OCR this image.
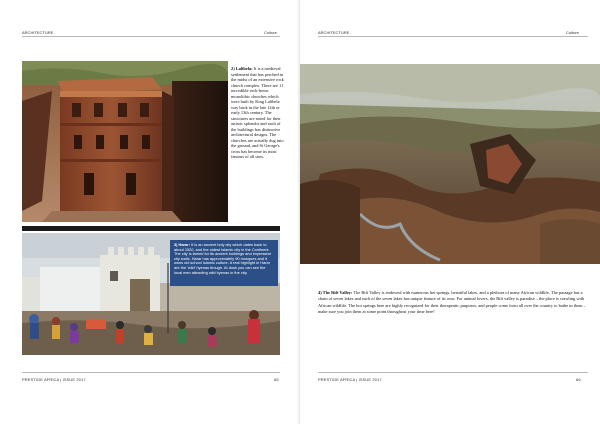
ARCHITECTURE	Culture
2) Lalibela: It is a medieval settlement that has perched in the midst of an extensive rock church complex. There are 11 incredible rock-hewn monolithic churches which were built by King Lalibela way back in the late 12th or early 13th century. The structures are noted for their artistic splendor and each of the buildings has distinctive architectural designs. The churches are actually dug into the ground, and St George's cross has become its most famous of all sites.
3) Harar: It is an ancient holy city which dates back to about 1520, and the oldest Islamic city in the Continent. The city is famed for its ancient buildings and impressive city walls. Harar has approximately 90 mosques and it owns old school Islamic culture. A real highlight in Harar are the 'wild' hyenas though. At dusk you can see the local men attracting wild hyenas in the city.
PRESTIGE AFRICA | ISSUE 2017	65
ARCHITECTURE	Culture
4) The Rift Valley: The Rift Valley is endowed with numerous hot springs, beautiful lakes, and a plethora of many African wildlife. The passage has a chain of seven lakes and each of the seven lakes has unique feature of its own. For animal lovers, the Rift valley is paradise – the place is crawling with African wildlife. The hot springs here are highly recognized for their therapeutic purposes, and people come from all over the country to bathe in them – make sure you join them at some point throughout your time here!
PRESTIGE AFRICA | ISSUE 2017	66
